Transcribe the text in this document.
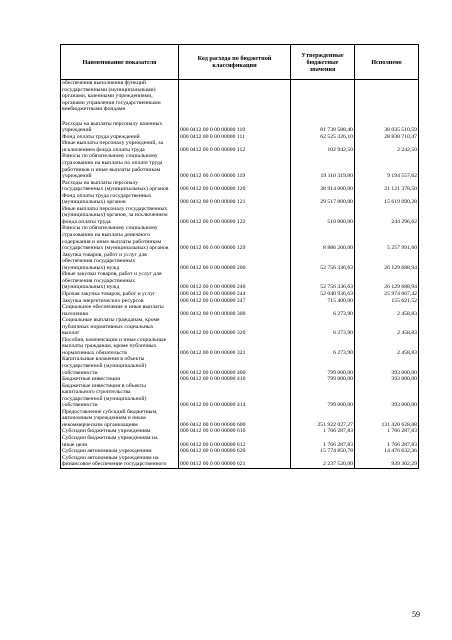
Наименование показателя	Код расхода по бюджетной классификации	Утвержденные бюджетные значения	Исполнено

обеспечения выполнения функций
государственными (муниципальными)
органами, казенными учреждениями,
органами управления государственными
внебюджетными фондами			

Расходы на выплаты персоналу казенных
учреждений	000 0412 00 0 00 00000 110	81 738 588,40	38 035 510,59

Фонд оплаты труда учреждений	000 0412 00 0 00 00000 111	62 525 326,10	28 838 710,47

Иные выплаты персоналу учреждений, за
исключением фонда оплаты труда	000 0412 00 0 00 00000 112	102 942,50	2 242,50

Взносы по обязательному социальному
страхованию на выплаты по оплате труда
работников и иные выплаты работникам
учреждений	000 0412 00 0 00 00000 119	19 110 319,80	9 194 557,62

Расходы на выплаты персоналу
государственных (муниципальных) органов	000 0412 00 0 00 00000 120	38 914 000,00	21 121 378,50

Фонд оплаты труда государственных
(муниципальных) органов	000 0412 00 0 00 00000 121	29 517 800,00	15 619 090,28

Иные выплаты персоналу государственных
(муниципальных) органов, за исключением
фонда оплаты труда	000 0412 00 0 00 00000 122	510 000,00	244 296,62

Взносы по обязательному социальному
страхованию на выплаты денежного
содержания и иные выплаты работникам
государственных (муниципальных) органов	000 0412 00 0 00 00000 129	8 886 200,00	5 257 991,60

Закупка товаров, работ и услуг для
обеспечения государственных
(муниципальных) нужд	000 0412 00 0 00 00000 200	52 756 336,63	26 129 688,94

Иные закупки товаров, работ и услуг для
обеспечения государственных
(муниципальных) нужд	000 0412 00 0 00 00000 240	52 756 336,63	26 129 688,94

Прочая закупка товаров, работ и услуг	000 0412 00 0 00 00000 244	52 040 936,63	25 974 067,42

Закупка энергетических ресурсов	000 0412 00 0 00 00000 247	715 400,00	155 621,52

Социальное обеспечение и иные выплаты
населению	000 0412 00 0 00 00000 300	6 273,90	2 458,83

Социальные выплаты гражданам, кроме
публичных нормативных социальных
выплат	000 0412 00 0 00 00000 320	6 273,90	2 458,83

Пособия, компенсации и иные социальные
выплаты гражданам, кроме публичных
нормативных обязательств	000 0412 00 0 00 00000 321	6 273,90	2 458,83

Капитальные вложения в объекты
государственной (муниципальной)
собственности	000 0412 00 0 00 00000 400	799 000,00	393 000,00

Бюджетные инвестиции	000 0412 00 0 00 00000 410	799 000,00	393 000,00

Бюджетные инвестиции в объекты
капитального строительства
государственной (муниципальной)
собственности	000 0412 00 0 00 00000 414	799 000,00	393 000,00

Предоставление субсидий бюджетным,
автономным учреждениям и иным
некоммерческим организациям	000 0412 00 0 00 00000 600	251 922 027,27	131 420 628,08

Субсидии бюджетным учреждениям	000 0412 00 0 00 00000 610	1 766 287,83	1 766 287,83

Субсидии бюджетным учреждениям на
иные цели	000 0412 00 0 00 00000 612	1 766 287,83	1 766 287,83

Субсидии автономным учреждениям	000 0412 00 0 00 00000 620	15 774 850,78	14 476 632,36

Субсидии автономным учреждениям на
финансовое обеспечение государственного	000 0412 00 0 00 00000 621	2 237 520,00	939 302,29
59
